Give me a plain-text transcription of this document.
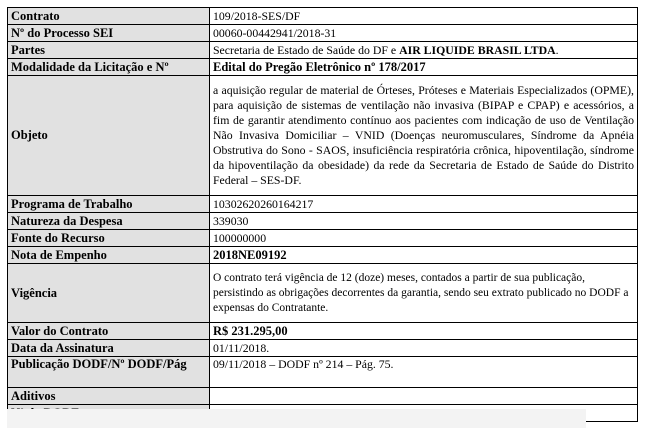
Contrato	109/2018-SES/DF
Nº do Processo SEI	00060-00442941/2018-31
Partes	Secretaria de Estado de Saúde do DF e AIR LIQUIDE BRASIL LTDA.
Modalidade da Licitação e Nº	Edital do Pregão Eletrônico nº 178/2017
Objeto	a aquisição regular de material de Órteses, Próteses e Materiais Especializados (OPME), para aquisição de sistemas de ventilação não invasiva (BIPAP e CPAP) e acessórios, a fim de garantir atendimento contínuo aos pacientes com indicação de uso de Ventilação Não Invasiva Domiciliar – VNID (Doenças neuromusculares, Síndrome da Apnéia Obstrutiva do Sono - SAOS, insuficiência respiratória crônica, hipoventilação, síndrome da hipoventilação da obesidade) da rede da Secretaria de Estado de Saúde do Distrito Federal – SES-DF.
Programa de Trabalho	10302620260164217
Natureza da Despesa	339030
Fonte do Recurso	100000000
Nota de Empenho	2018NE09192
Vigência	O contrato terá vigência de 12 (doze) meses, contados a partir de sua publicação, persistindo as obrigações decorrentes da garantia, sendo seu extrato publicado no DODF a expensas do Contratante.
Valor do Contrato	R$ 231.295,00
Data da Assinatura	01/11/2018.
Publicação DODF/Nº DODF/Pág	09/11/2018 – DODF nº 214 – Pág. 75.
Aditivos	
